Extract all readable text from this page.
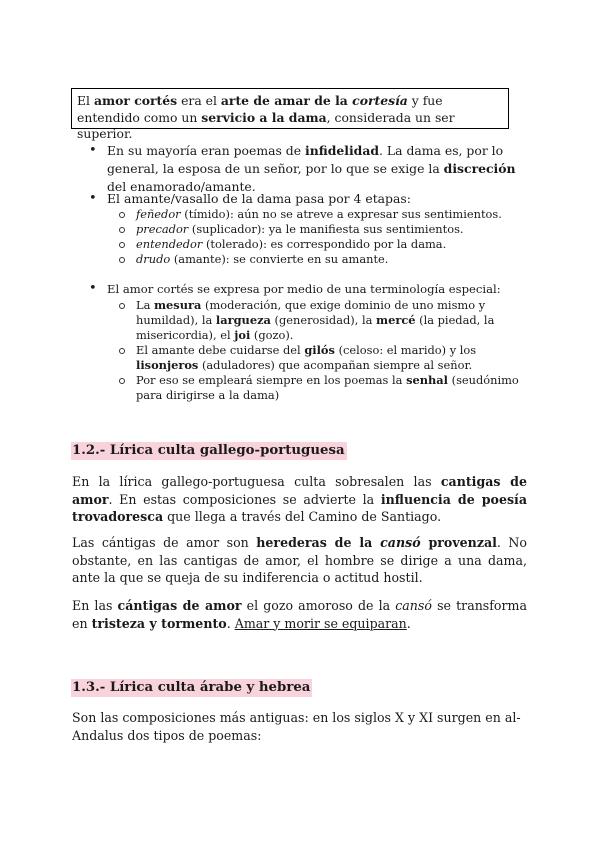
El amor cortés era el arte de amar de la cortesía y fue entendido como un servicio a la dama, considerada un ser superior.
• En su mayoría eran poemas de infidelidad. La dama es, por lo general, la esposa de un señor, por lo que se exige la discreción del enamorado/amante.
• El amante/vasallo de la dama pasa por 4 etapas:
feñedor (tímido): aún no se atreve a expresar sus sentimientos.
precador (suplicador): ya le manifiesta sus sentimientos.
entendedor (tolerado): es correspondido por la dama.
drudo (amante): se convierte en su amante.
• El amor cortés se expresa por medio de una terminología especial:
La mesura (moderación, que exige dominio de uno mismo y humildad), la largueza (generosidad), la mercé (la piedad, la misericordia), el joi (gozo).
El amante debe cuidarse del gilós (celoso: el marido) y los lisonjeros (aduladores) que acompañan siempre al señor.
Por eso se empleará siempre en los poemas la senhal (seudónimo para dirigirse a la dama)
1.2.- Lírica culta gallego-portuguesa
En la lírica gallego-portuguesa culta sobresalen las cantigas de amor. En estas composiciones se advierte la influencia de poesía trovadoresca que llega a través del Camino de Santiago.
Las cántigas de amor son herederas de la cansó provenzal. No obstante, en las cantigas de amor, el hombre se dirige a una dama, ante la que se queja de su indiferencia o actitud hostil.
En las cántigas de amor el gozo amoroso de la cansó se transforma en tristeza y tormento. Amar y morir se equiparan.
1.3.- Lírica culta árabe y hebrea
Son las composiciones más antiguas: en los siglos X y XI surgen en al-Andalus dos tipos de poemas:
